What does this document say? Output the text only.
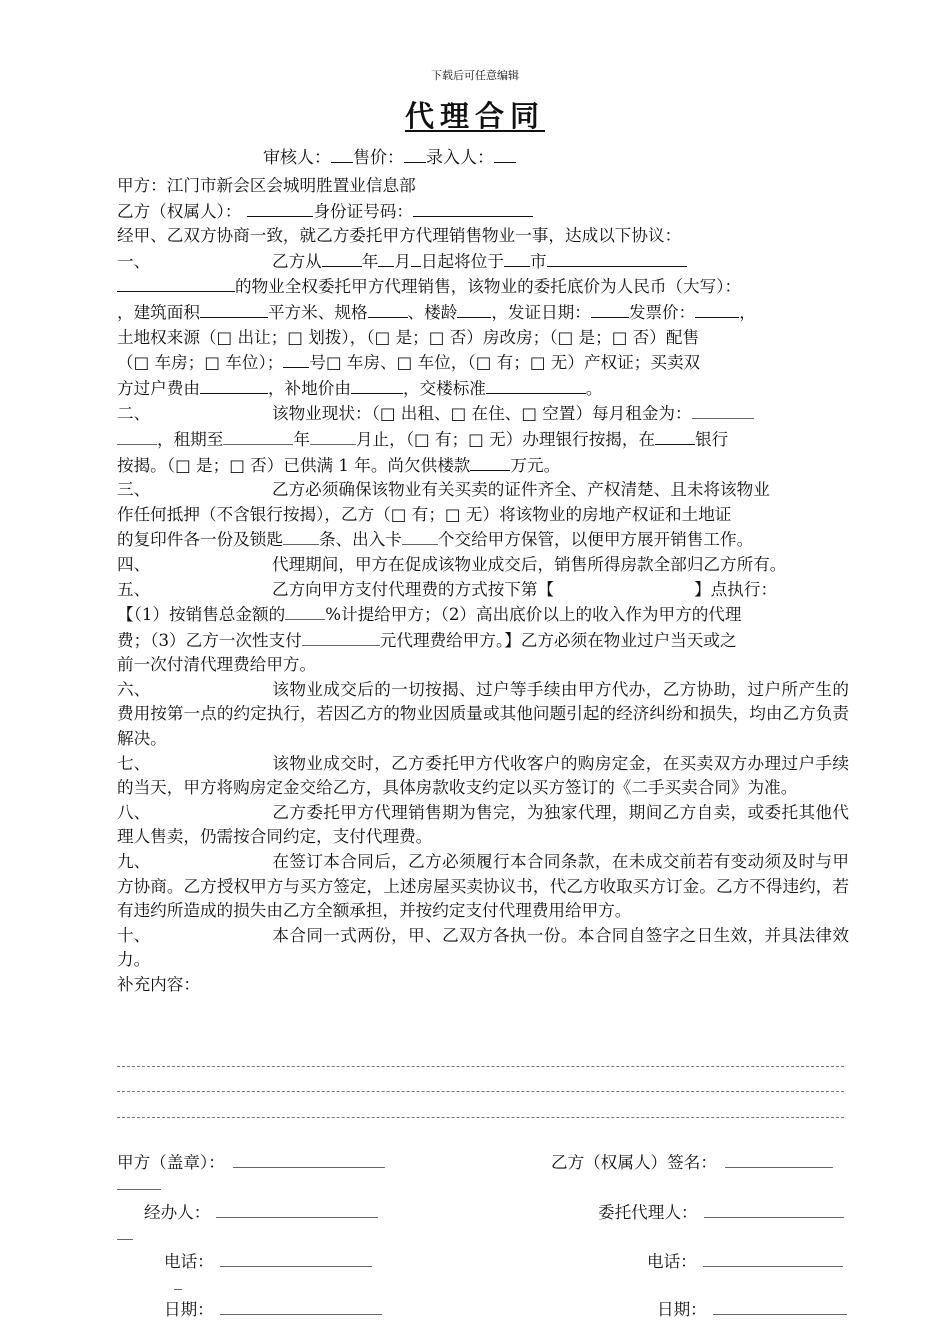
下载后可任意编辑
代理合同
审核人： 售价： 录入人：

甲方：江门市新会区会城明胜置业信息部

乙方（权属人）：	身份证号码：

经甲、乙双方协商一致，就乙方委托甲方代理销售物业一事，达成以下协议：

一、	乙方从 年 月 日起将位于 市
的物业全权委托甲方代理销售，该物业的委托底价为人民币（大写）：
，建筑面积	平方米、规格 、楼龄 ，发证日期： 发票价：	，
土地权来源（□ 出让；□ 划拨），（□ 是；□ 否）房改房；（□ 是；□ 否）配售
（□ 车房；□ 车位）； 号□ 车房、□ 车位，（□ 有；□ 无）产权证；买卖双
方过户费由	，补地价由	，交楼标准	。

二、	该物业现状：（□ 出租、□ 在住、□ 空置）每月租金为：
，租期至	年	月止，（□ 有；□ 无）办理银行按揭，在 银行
按揭。（□ 是；□ 否）已供满 1 年。尚欠供楼款 万元。

三、	乙方必须确保该物业有关买卖的证件齐全、产权清楚、且未将该物业
作任何抵押（不含银行按揭），乙方（□ 有；□ 无）将该物业的房地产权证和土地证
的复印件各一份及锁匙 条、出入卡 个交给甲方保管，以便甲方展开销售工作。

四、	代理期间，甲方在促成该物业成交后，销售所得房款全部归乙方所有。

五、	乙方向甲方支付代理费的方式按下第【	】点执行：
【（1）按销售总金额的 %计提给甲方；（2）高出底价以上的收入作为甲方的代理
费；（3）乙方一次性支付	元代理费给甲方。】乙方必须在物业过户当天或之
前一次付清代理费给甲方。

六、	该物业成交后的一切按揭、过户等手续由甲方代办，乙方协助，过户所产生的费用按第一点的约定执行，若因乙方的物业因质量或其他问题引起的经济纠纷和损失，均由乙方负责解决。

七、	该物业成交时，乙方委托甲方代收客户的购房定金，在买卖双方办理过户手续的当天，甲方将购房定金交给乙方，具体房款收支约定以买方签订的《二手买卖合同》为准。

八、	乙方委托甲方代理销售期为售完，为独家代理，期间乙方自卖，或委托其他代理人售卖，仍需按合同约定，支付代理费。

九、	在签订本合同后，乙方必须履行本合同条款，在未成交前若有变动须及时与甲方协商。乙方授权甲方与买方签定，上述房屋买卖协议书，代乙方收取买方订金。乙方不得违约，若有违约所造成的损失由乙方全额承担，并按约定支付代理费用给甲方。

十、	本合同一式两份，甲、乙双方各执一份。本合同自签字之日生效，并具法律效力。

补充内容：

甲方（盖章）：	乙方（权属人）签名：
经办人：	委托代理人：
电话：	电话：
日期：	日期：
